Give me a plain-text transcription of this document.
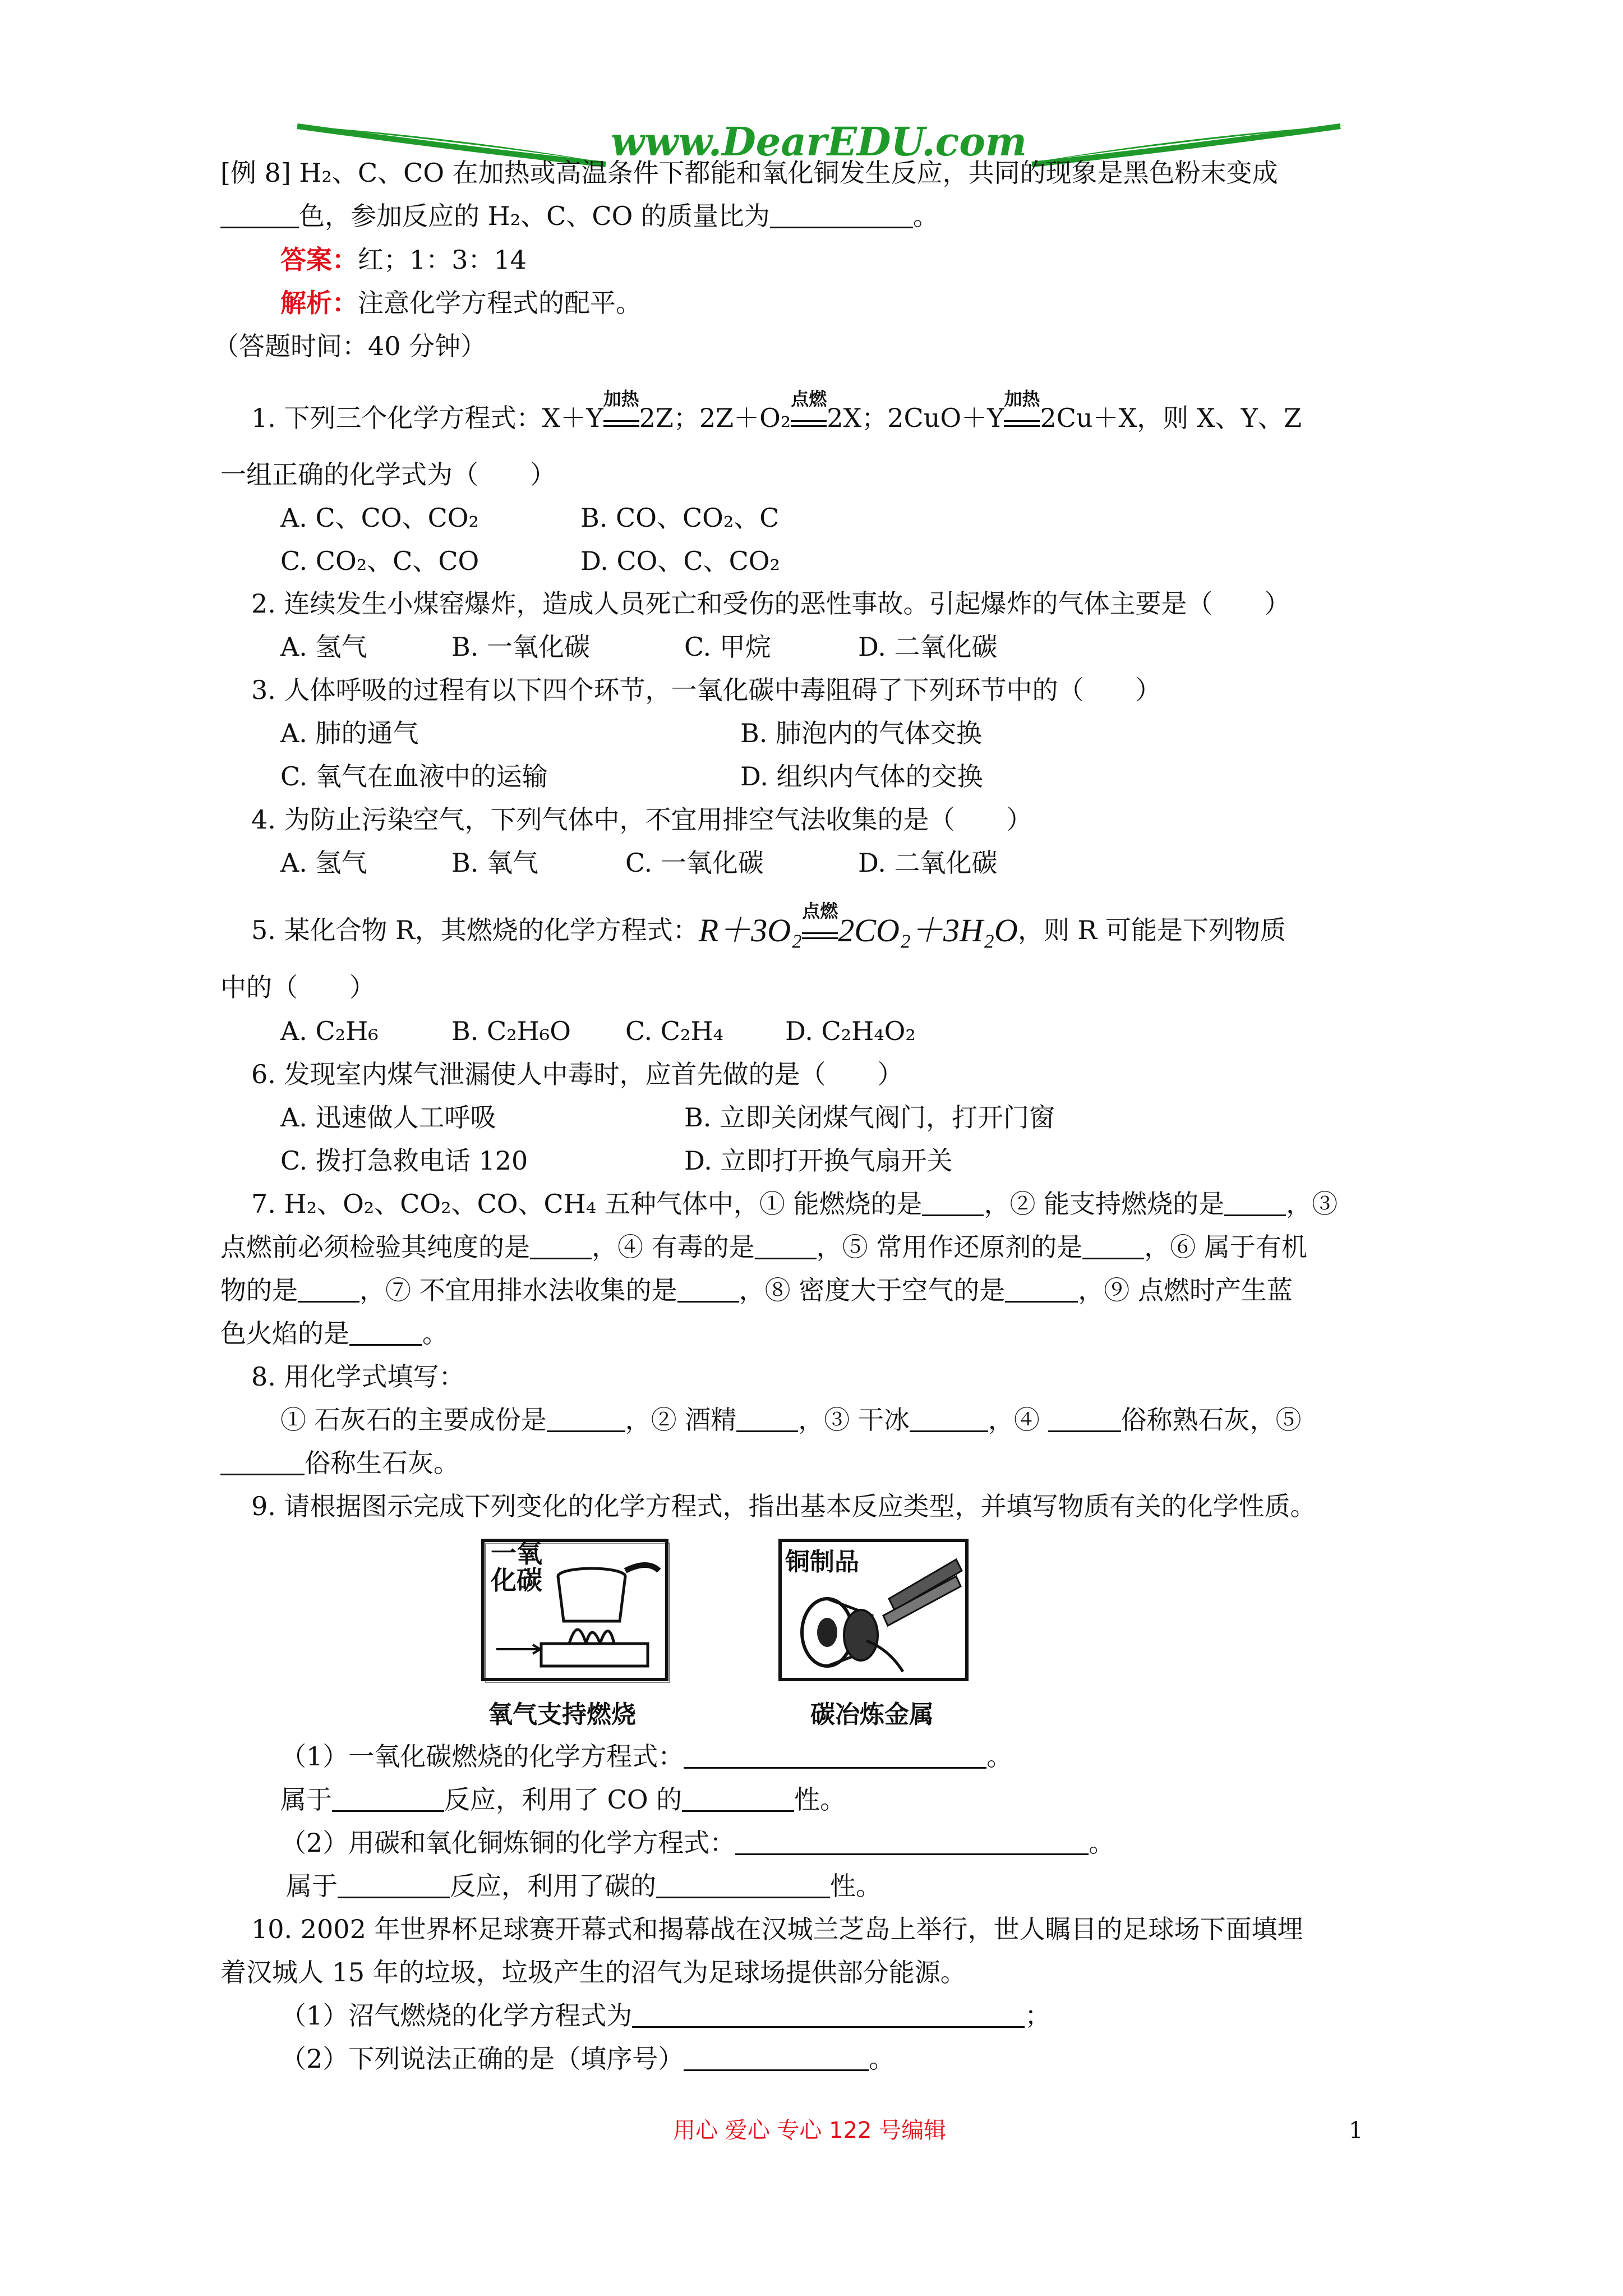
www.DearEDU.com
[例 8] H₂、C、CO 在加热或高温条件下都能和氧化铜发生反应，共同的现象是黑色粉末变成
色，参加反应的 H₂、C、CO 的质量比为	。
答案：红；1：3：14
解析：注意化学方程式的配平。
（答题时间：40 分钟）
1. 下列三个化学方程式：X＋Y
加热
2Z；2Z＋O₂
点燃
2X；2CuO＋Y
加热
2Cu＋X，则 X、Y、Z
一组正确的化学式为（　　）
A. C、CO、CO₂	B. CO、CO₂、C
C. CO₂、C、CO	D. CO、C、CO₂
2. 连续发生小煤窑爆炸，造成人员死亡和受伤的恶性事故。引起爆炸的气体主要是（　　）
A. 氢气	B. 一氧化碳	C. 甲烷	D. 二氧化碳
3. 人体呼吸的过程有以下四个环节，一氧化碳中毒阻碍了下列环节中的（　　）
A. 肺的通气	B. 肺泡内的气体交换
C. 氧气在血液中的运输	D. 组织内气体的交换
4. 为防止污染空气，下列气体中，不宜用排空气法收集的是（　　）
A. 氢气	B. 氧气	C. 一氧化碳	D. 二氧化碳
5. 某化合物 R，其燃烧的化学方程式：R＋3O₂
点燃
2CO₂＋3H₂O，则 R 可能是下列物质
中的（　　）
A. C₂H₆	B. C₂H₆O C. C₂H₄ D. C₂H₄O₂
6. 发现室内煤气泄漏使人中毒时，应首先做的是（　　）
A. 迅速做人工呼吸	B. 立即关闭煤气阀门，打开门窗
C. 拨打急救电话 120	D. 立即打开换气扇开关
7. H₂、O₂、CO₂、CO、CH₄ 五种气体中，① 能燃烧的是 ，② 能支持燃烧的是 ，③
点燃前必须检验其纯度的是 ，④ 有毒的是 ，⑤ 常用作还原剂的是 ，⑥ 属于有机
物的是 ，⑦ 不宜用排水法收集的是 ，⑧ 密度大于空气的是	，⑨ 点燃时产生蓝
色火焰的是	。
8. 用化学式填写：
① 石灰石的主要成份是	，② 酒精 ，③ 干冰	，④	俗称熟石灰，⑤
俗称生石灰。
9. 请根据图示完成下列变化的化学方程式，指出基本反应类型，并填写物质有关的化学性质。
一氧化碳
氧气支持燃烧
铜制品
碳冶炼金属
（1）一氧化碳燃烧的化学方程式：	。
属于	反应，利用了 CO 的	性。
（2）用碳和氧化铜炼铜的化学方程式：	。
属于	反应，利用了碳的	性。
10. 2002 年世界杯足球赛开幕式和揭幕战在汉城兰芝岛上举行，世人瞩目的足球场下面填埋
着汉城人 15 年的垃圾，垃圾产生的沼气为足球场提供部分能源。
（1）沼气燃烧的化学方程式为	；
（2）下列说法正确的是（填序号）	。
用心 爱心 专心 122 号编辑	1
